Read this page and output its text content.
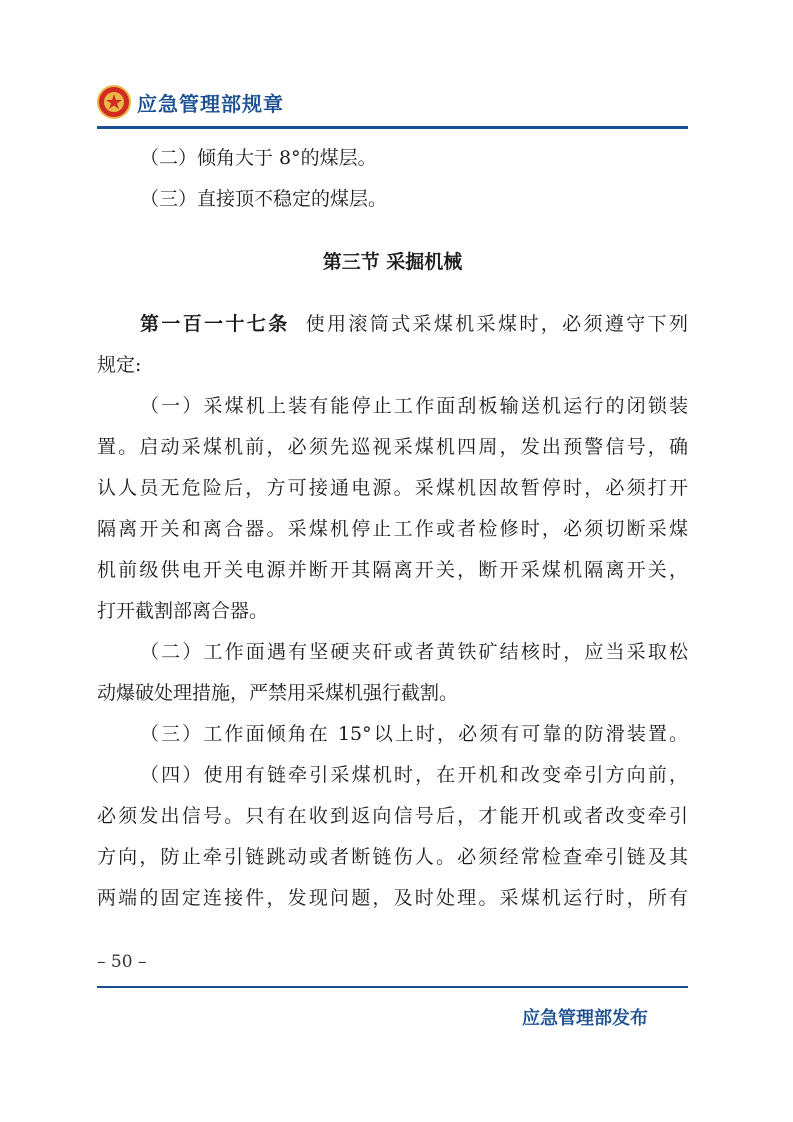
应急管理部规章
（二）倾角大于 8°的煤层。
（三）直接顶不稳定的煤层。
第三节 采掘机械
第一百一十七条 使用滚筒式采煤机采煤时，必须遵守下列
规定:
（一）采煤机上装有能停止工作面刮板输送机运行的闭锁装
置。启动采煤机前，必须先巡视采煤机四周，发出预警信号，确
认人员无危险后，方可接通电源。采煤机因故暂停时，必须打开
隔离开关和离合器。采煤机停止工作或者检修时，必须切断采煤
机前级供电开关电源并断开其隔离开关，断开采煤机隔离开关，
打开截割部离合器。
（二）工作面遇有坚硬夹矸或者黄铁矿结核时，应当采取松
动爆破处理措施，严禁用采煤机强行截割。
（三）工作面倾角在 15°以上时，必须有可靠的防滑装置。
（四）使用有链牵引采煤机时，在开机和改变牵引方向前，
必须发出信号。只有在收到返向信号后，才能开机或者改变牵引
方向，防止牵引链跳动或者断链伤人。必须经常检查牵引链及其
两端的固定连接件，发现问题，及时处理。采煤机运行时，所有
– 50 –
应急管理部发布
